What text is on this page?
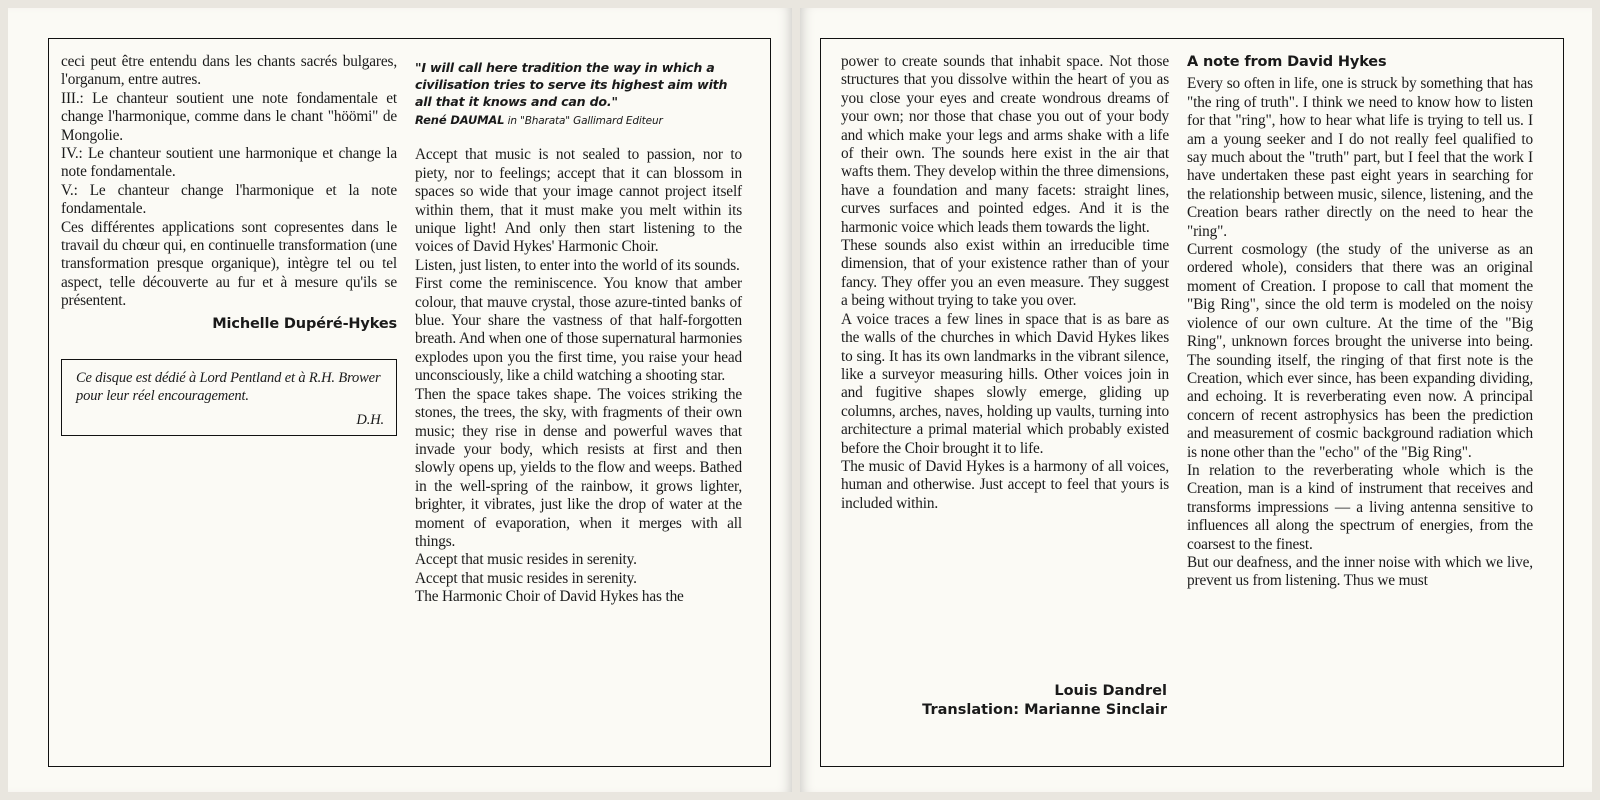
ceci peut être entendu dans les chants sacrés bulgares, l'organum, entre autres.

III.: Le chanteur soutient une note fondamentale et change l'harmonique, comme dans le chant "höömi" de Mongolie.

IV.: Le chanteur soutient une harmonique et change la note fondamentale.

V.: Le chanteur change l'harmonique et la note fondamentale.

Ces différentes applications sont copresentes dans le travail du chœur qui, en continuelle transformation (une transformation presque organique), intègre tel ou tel aspect, telle découverte au fur et à mesure qu'ils se présentent.

Michelle Dupéré-Hykes
Ce disque est dédié à Lord Pentland et à R.H. Brower pour leur réel encouragement.
D.H.
"I will call here tradition the way in which a civilisation tries to serve its highest aim with all that it knows and can do."
René DAUMAL in "Bharata" Gallimard Editeur

Accept that music is not sealed to passion, nor to piety, nor to feelings; accept that it can blossom in spaces so wide that your image cannot project itself within them, that it must make you melt within its unique light! And only then start listening to the voices of David Hykes' Harmonic Choir.

Listen, just listen, to enter into the world of its sounds.

First come the reminiscence. You know that amber colour, that mauve crystal, those azure-tinted banks of blue. Your share the vastness of that half-forgotten breath. And when one of those supernatural harmonies explodes upon you the first time, you raise your head unconsciously, like a child watching a shooting star.

Then the space takes shape. The voices striking the stones, the trees, the sky, with fragments of their own music; they rise in dense and powerful waves that invade your body, which resists at first and then slowly opens up, yields to the flow and weeps. Bathed in the well-spring of the rainbow, it grows lighter, brighter, it vibrates, just like the drop of water at the moment of evaporation, when it merges with all things.

Accept that music resides in serenity.

Accept that music resides in serenity.

The Harmonic Choir of David Hykes has the

power to create sounds that inhabit space. Not those structures that you dissolve within the heart of you as you close your eyes and create wondrous dreams of your own; nor those that chase you out of your body and which make your legs and arms shake with a life of their own. The sounds here exist in the air that wafts them. They develop within the three dimensions, have a foundation and many facets: straight lines, curves surfaces and pointed edges. And it is the harmonic voice which leads them towards the light.

These sounds also exist within an irreducible time dimension, that of your existence rather than of your fancy. They offer you an even measure. They suggest a being without trying to take you over.

A voice traces a few lines in space that is as bare as the walls of the churches in which David Hykes likes to sing. It has its own landmarks in the vibrant silence, like a surveyor measuring hills. Other voices join in and fugitive shapes slowly emerge, gliding up columns, arches, naves, holding up vaults, turning into architecture a primal material which probably existed before the Choir brought it to life.

The music of David Hykes is a harmony of all voices, human and otherwise. Just accept to feel that yours is included within.

Louis Dandrel
Translation: Marianne Sinclair
A note from David Hykes

Every so often in life, one is struck by something that has "the ring of truth". I think we need to know how to listen for that "ring", how to hear what life is trying to tell us. I am a young seeker and I do not really feel qualified to say much about the "truth" part, but I feel that the work I have undertaken these past eight years in searching for the relationship between music, silence, listening, and the Creation bears rather directly on the need to hear the "ring".

Current cosmology (the study of the universe as an ordered whole), considers that there was an original moment of Creation. I propose to call that moment the "Big Ring", since the old term is modeled on the noisy violence of our own culture. At the time of the "Big Ring", unknown forces brought the universe into being. The sounding itself, the ringing of that first note is the Creation, which ever since, has been expanding dividing, and echoing. It is reverberating even now. A principal concern of recent astrophysics has been the prediction and measurement of cosmic background radiation which is none other than the "echo" of the "Big Ring".

In relation to the reverberating whole which is the Creation, man is a kind of instrument that receives and transforms impressions — a living antenna sensitive to influences all along the spectrum of energies, from the coarsest to the finest.

But our deafness, and the inner noise with which we live, prevent us from listening. Thus we must
